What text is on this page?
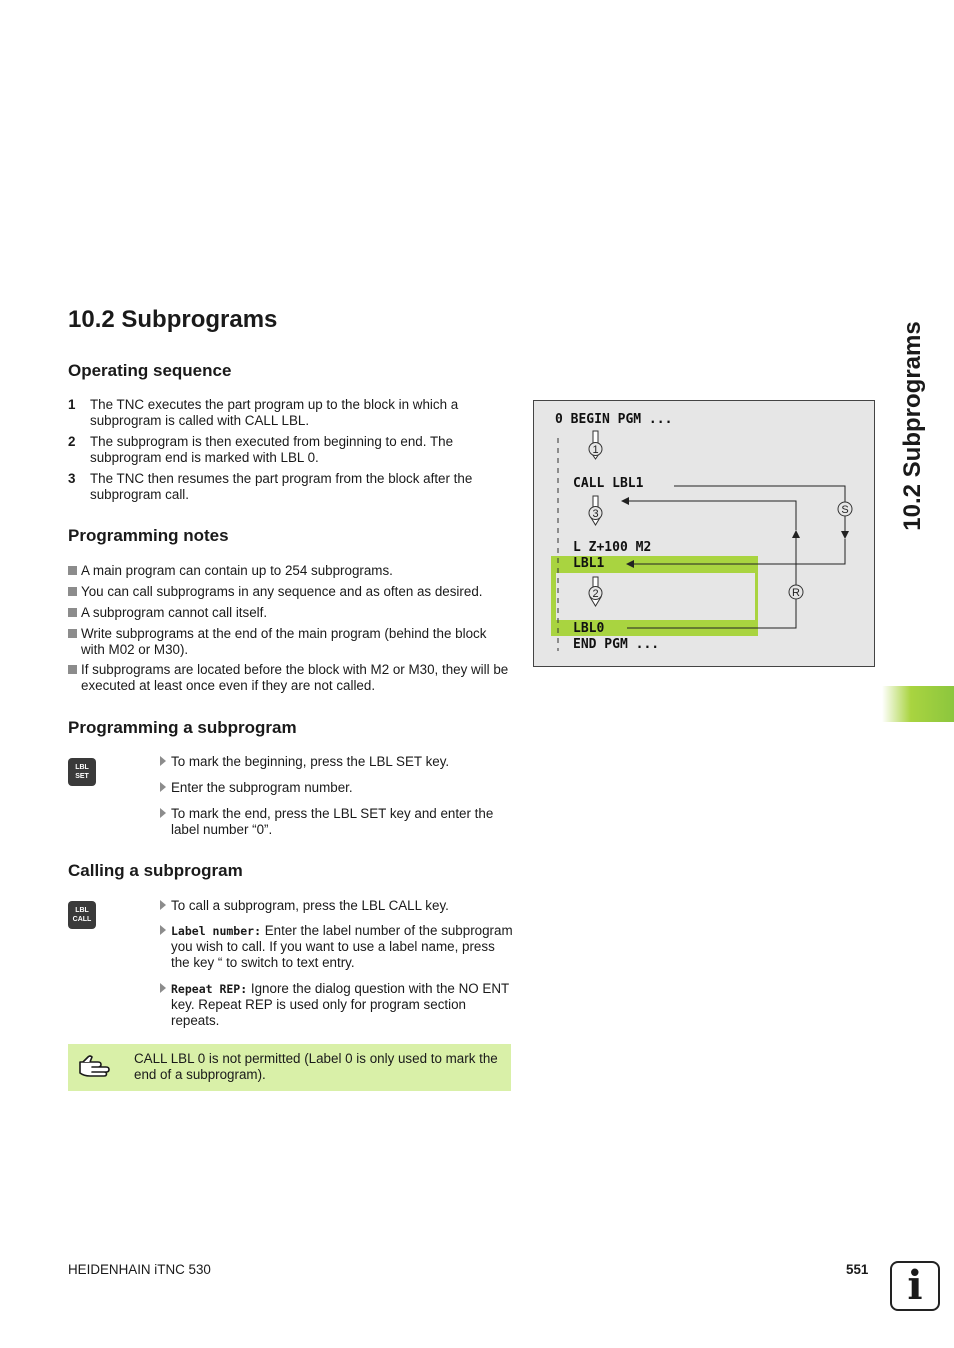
10.2 Subprograms
10.2 Subprograms
Operating sequence
1 The TNC executes the part program up to the block in which a subprogram is called with CALL LBL.
2 The subprogram is then executed from beginning to end. The subprogram end is marked with LBL 0.
3 The TNC then resumes the part program from the block after the subprogram call.
Programming notes
A main program can contain up to 254 subprograms.
You can call subprograms in any sequence and as often as desired.
A subprogram cannot call itself.
Write subprograms at the end of the main program (behind the block with M02 or M30).
If subprograms are located before the block with M2 or M30, they will be executed at least once even if they are not called.
Programming a subprogram
LBL
SET
To mark the beginning, press the LBL SET key.
Enter the subprogram number.
To mark the end, press the LBL SET key and enter the label number “0”.
Calling a subprogram
LBL
CALL
To call a subprogram, press the LBL CALL key.
Label number: Enter the label number of the subprogram you wish to call. If you want to use a label name, press the key “ to switch to text entry.
Repeat REP: Ignore the dialog question with the NO ENT key. Repeat REP is used only for program section repeats.
CALL LBL 0 is not permitted (Label 0 is only used to mark the end of a subprogram).
1
3
2
S
R
0 BEGIN PGM ...
CALL LBL1
L Z+100 M2
LBL1
LBL0
END PGM ...
HEIDENHAIN iTNC 530	551 i
